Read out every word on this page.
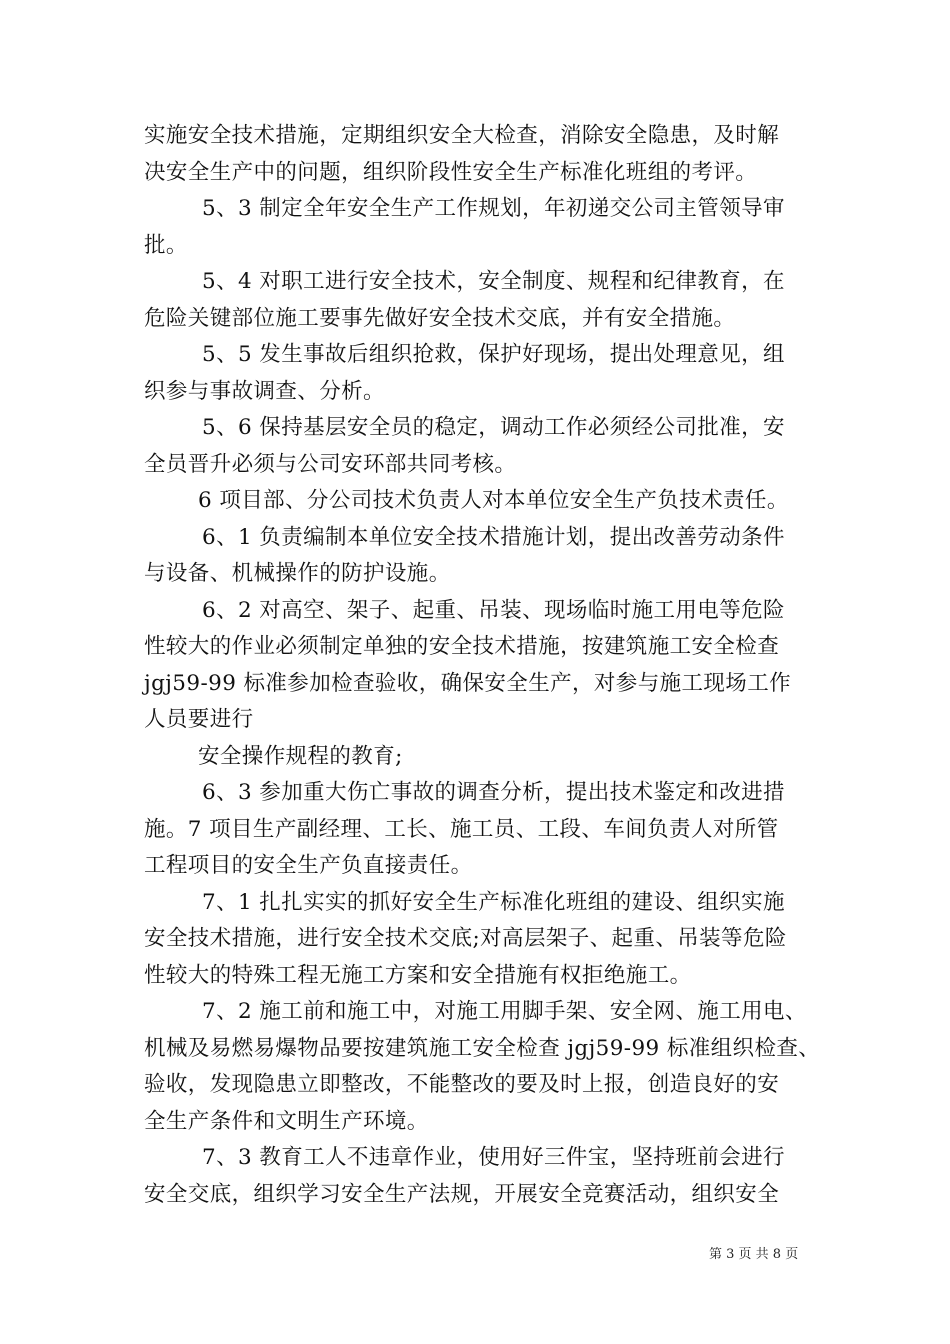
实施安全技术措施，定期组织安全大检查，消除安全隐患，及时解
决安全生产中的问题，组织阶段性安全生产标准化班组的考评。
5、3 制定全年安全生产工作规划，年初递交公司主管领导审
批。
5、4 对职工进行安全技术，安全制度、规程和纪律教育，在
危险关键部位施工要事先做好安全技术交底，并有安全措施。
5、5 发生事故后组织抢救，保护好现场，提出处理意见，组
织参与事故调查、分析。
5、6 保持基层安全员的稳定，调动工作必须经公司批准，安
全员晋升必须与公司安环部共同考核。
6 项目部、分公司技术负责人对本单位安全生产负技术责任。
6、1 负责编制本单位安全技术措施计划，提出改善劳动条件
与设备、机械操作的防护设施。
6、2 对高空、架子、起重、吊装、现场临时施工用电等危险
性较大的作业必须制定单独的安全技术措施，按建筑施工安全检查
jgj59-99 标准参加检查验收，确保安全生产，对参与施工现场工作
人员要进行
安全操作规程的教育;
6、3 参加重大伤亡事故的调查分析，提出技术鉴定和改进措
施。7 项目生产副经理、工长、施工员、工段、车间负责人对所管
工程项目的安全生产负直接责任。
7、1 扎扎实实的抓好安全生产标准化班组的建设、组织实施
安全技术措施，进行安全技术交底;对高层架子、起重、吊装等危险
性较大的特殊工程无施工方案和安全措施有权拒绝施工。
7、2 施工前和施工中，对施工用脚手架、安全网、施工用电、
机械及易燃易爆物品要按建筑施工安全检查 jgj59-99 标准组织检查、
验收，发现隐患立即整改，不能整改的要及时上报，创造良好的安
全生产条件和文明生产环境。
7、3 教育工人不违章作业，使用好三件宝，坚持班前会进行
安全交底，组织学习安全生产法规，开展安全竞赛活动，组织安全
第 3 页 共 8 页
